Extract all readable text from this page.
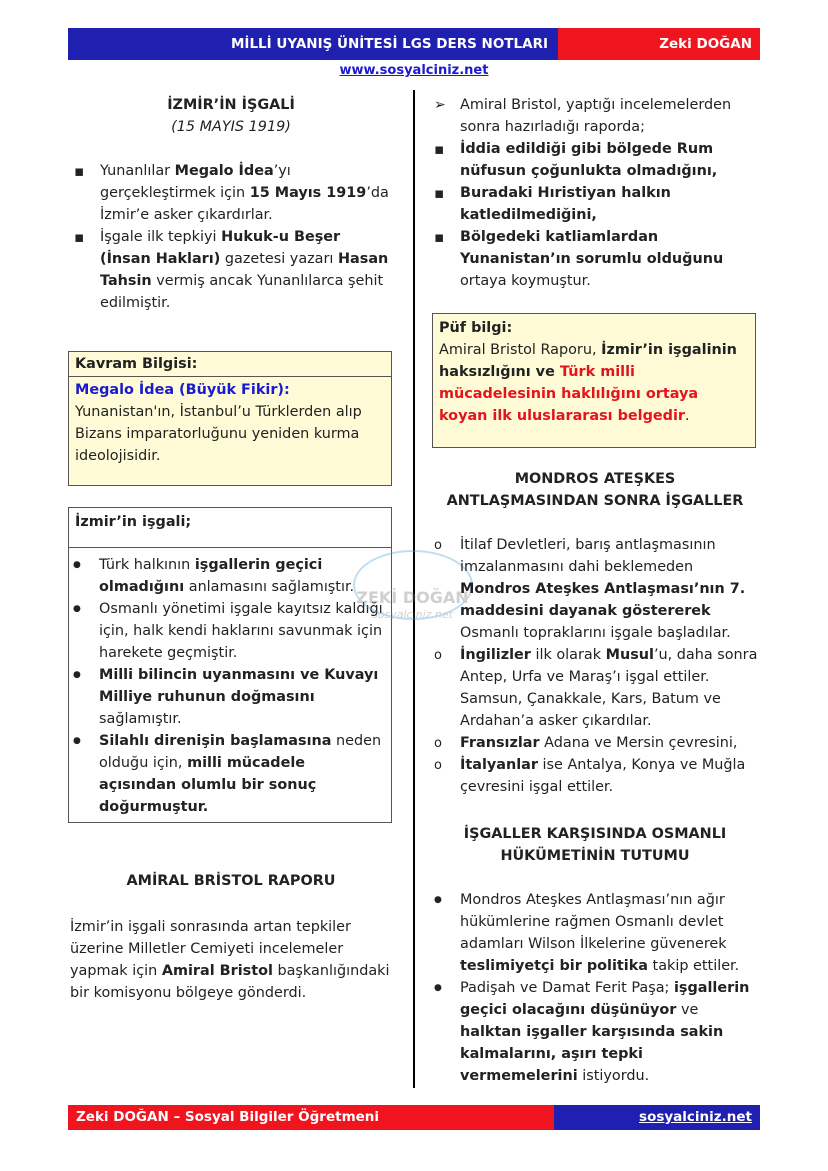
MİLLİ UYANIŞ ÜNİTESİ LGS DERS NOTLARI	Zeki DOĞAN
www.sosyalciniz.net
İZMİR’İN İŞGALİ
(15 MAYIS 1919)
▪
Yunanlılar Megalo İdea’yı gerçekleştirmek için 15 Mayıs 1919’da İzmir’e asker çıkardırlar.
▪
İşgale ilk tepkiyi Hukuk-u Beşer (İnsan Hakları) gazetesi yazarı Hasan Tahsin vermiş ancak Yunanlılarca şehit edilmiştir.
Kavram Bilgisi:
Megalo İdea (Büyük Fikir):
Yunanistan'ın, İstanbul’u Türklerden alıp Bizans imparatorluğunu yeniden kurma ideolojisidir.
İzmir’in işgali;
●
Türk halkının işgallerin geçici olmadığını anlamasını sağlamıştır.
●
Osmanlı yönetimi işgale kayıtsız kaldığı için, halk kendi haklarını savunmak için harekete geçmiştir.
●
Milli bilincin uyanmasını ve Kuvayı Milliye ruhunun doğmasını sağlamıştır.
●
Silahlı direnişin başlamasına neden olduğu için, milli mücadele açısından olumlu bir sonuç doğurmuştur.
ZEKİ DOĞAN
sosyalciniz.net
AMİRAL BRİSTOL RAPORU
İzmir’in işgali sonrasında artan tepkiler üzerine Milletler Cemiyeti incelemeler yapmak için Amiral Bristol başkanlığındaki bir komisyonu bölgeye gönderdi.
➢
Amiral Bristol, yaptığı incelemelerden sonra hazırladığı raporda;
▪
İddia edildiği gibi bölgede Rum nüfusun çoğunlukta olmadığını,
▪
Buradaki Hıristiyan halkın katledilmediğini,
▪
Bölgedeki katliamlardan Yunanistan’ın sorumlu olduğunu ortaya koymuştur.
Püf bilgi:
Amiral Bristol Raporu, İzmir’in işgalinin haksızlığını ve Türk milli mücadelesinin haklılığını ortaya koyan ilk uluslararası belgedir.
MONDROS ATEŞKES
ANTLAŞMASINDAN SONRA İŞGALLER
o
İtilaf Devletleri, barış antlaşmasının imzalanmasını dahi beklemeden Mondros Ateşkes Antlaşması’nın 7. maddesini dayanak göstererek Osmanlı topraklarını işgale başladılar.
o
İngilizler ilk olarak Musul’u, daha sonra Antep, Urfa ve Maraş’ı işgal ettiler. Samsun, Çanakkale, Kars, Batum ve Ardahan’a asker çıkardılar.
o
Fransızlar Adana ve Mersin çevresini,
o
İtalyanlar ise Antalya, Konya ve Muğla çevresini işgal ettiler.
İŞGALLER KARŞISINDA OSMANLI
HÜKÜMETİNİN TUTUMU
●
Mondros Ateşkes Antlaşması’nın ağır hükümlerine rağmen Osmanlı devlet adamları Wilson İlkelerine güvenerek teslimiyetçi bir politika takip ettiler.
●
Padişah ve Damat Ferit Paşa; işgallerin geçici olacağını düşünüyor ve halktan işgaller karşısında sakin kalmalarını, aşırı tepki vermemelerini istiyordu.
Zeki DOĞAN – Sosyal Bilgiler Öğretmeni	sosyalciniz.net
